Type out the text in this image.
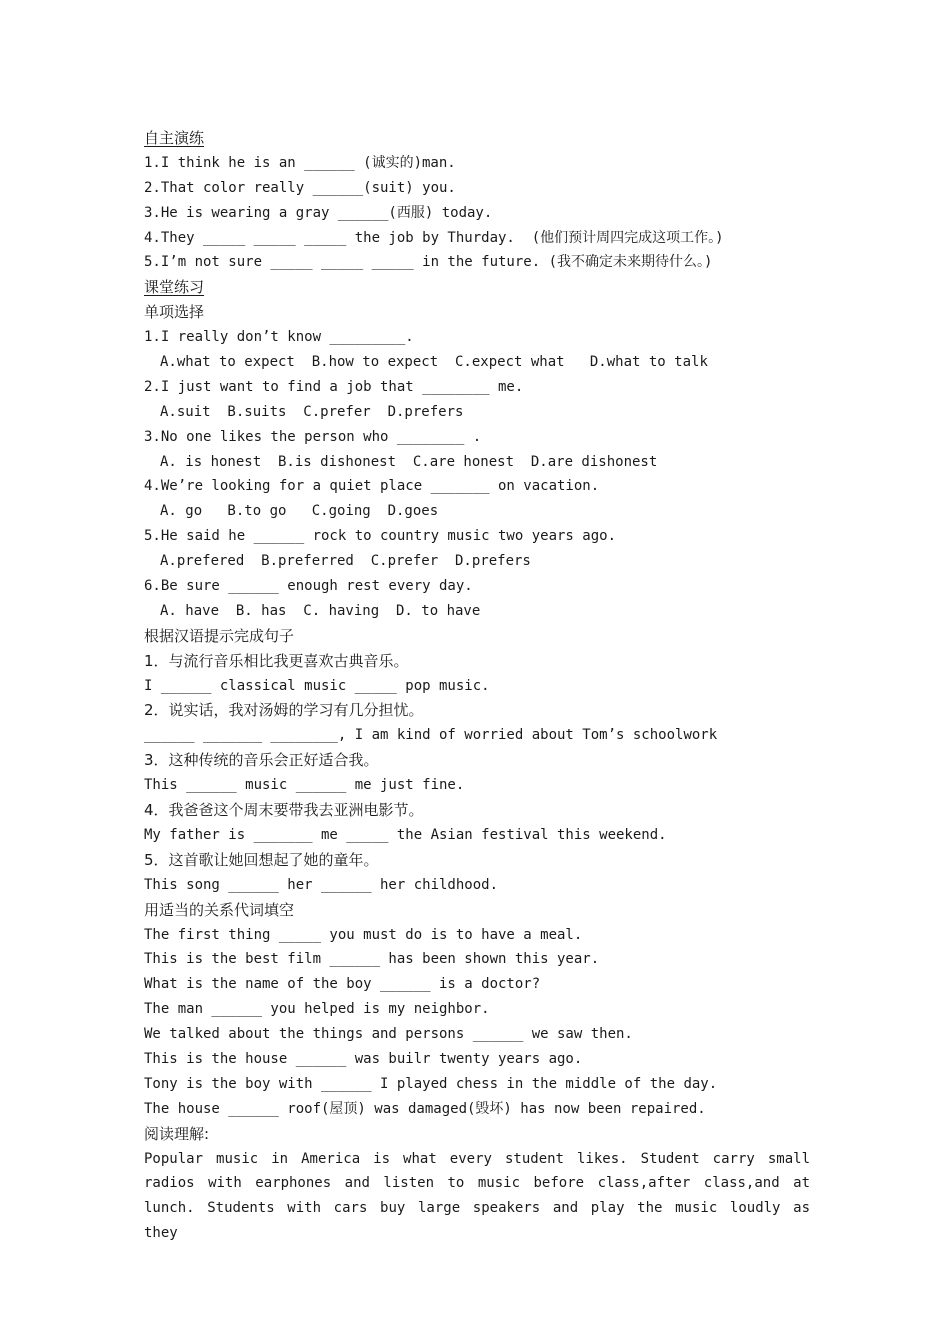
自主演练
1.I think he is an ______ (诚实的)man.
2.That color really ______(suit) you.
3.He is wearing a gray ______(西服) today.
4.They _____ _____ _____ the job by Thurday.  (他们预计周四完成这项工作。)
5.I’m not sure _____ _____ _____ in the future. (我不确定未来期待什么。)
课堂练习
单项选择
1.I really don’t know _________.
A.what to expect  B.how to expect  C.expect what   D.what to talk
2.I just want to find a job that ________ me.
A.suit  B.suits  C.prefer  D.prefers
3.No one likes the person who ________ .
A. is honest  B.is dishonest  C.are honest  D.are dishonest
4.We’re looking for a quiet place _______ on vacation.
A. go   B.to go   C.going  D.goes
5.He said he ______ rock to country music two years ago.
A.prefered  B.preferred  C.prefer  D.prefers
6.Be sure ______ enough rest every day.
A. have  B. has  C. having  D. to have
根据汉语提示完成句子
1．与流行音乐相比我更喜欢古典音乐。
I ______ classical music _____ pop music.
2．说实话，我对汤姆的学习有几分担忧。
______ _______ ________, I am kind of worried about Tom’s schoolwork
3．这种传统的音乐会正好适合我。
This ______ music ______ me just fine.
4．我爸爸这个周末要带我去亚洲电影节。
My father is _______ me _____ the Asian festival this weekend.
5．这首歌让她回想起了她的童年。
This song ______ her ______ her childhood.
用适当的关系代词填空
The first thing _____ you must do is to have a meal.
This is the best film ______ has been shown this year.
What is the name of the boy ______ is a doctor?
The man ______ you helped is my neighbor.
We talked about the things and persons ______ we saw then.
This is the house ______ was builr twenty years ago.
Tony is the boy with ______ I played chess in the middle of the day.
The house ______ roof(屋顶) was damaged(毁坏) has now been repaired.
阅读理解:
Popular music in America is what every student likes. Student carry small
radios with earphones and listen to music before class,after class,and at
lunch. Students with cars buy large speakers and play the music loudly as they
